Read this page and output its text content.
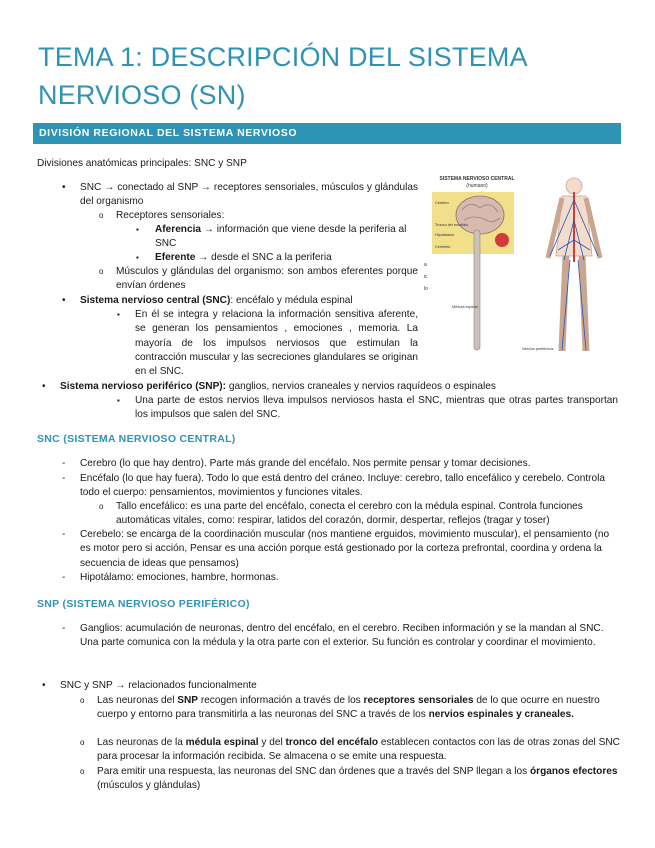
TEMA 1: DESCRIPCIÓN DEL SISTEMA NERVIOSO (SN)
DIVISIÓN REGIONAL DEL SISTEMA NERVIOSO

Divisiones anatómicas principales: SNC y SNP

• SNC → conectado al SNP → receptores sensoriales, músculos y glándulas del organismo

o Receptores sensoriales:

▪ Aferencia → información que viene desde la periferia al SNC

▪ Eferente → desde el SNC a la periferia

o Músculos y glándulas del organismo: son ambos eferentes porque envían órdenes

• Sistema nervioso central (SNC): encéfalo y médula espinal

▪ En él se integra y relaciona la información sensitiva aferente, se generan los pensamientos , emociones , memoria. La mayoría de los impulsos nerviosos que estimulan la contracción muscular y las secreciones glandulares se originan en el SNC.

• Sistema nervioso periférico (SNP): ganglios, nervios craneales y nervios raquídeos o espinales

▪ Una parte de estos nervios lleva impulsos nerviosos hasta el SNC, mientras que otras partes transportan los impulsos que salen del SNC.

SISTEMA NERVIOSO CENTRAL
(humano)
Cerebro
Tronco del encéfalo
Hipotálamo
Cerebelo
a
ic
lo
Médula espinal
Nervios periféricos
SNC (SISTEMA NERVIOSO CENTRAL)
- Cerebro (lo que hay dentro). Parte más grande del encéfalo. Nos permite pensar y tomar decisiones.

- Encéfalo (lo que hay fuera). Todo lo que está dentro del cráneo. Incluye: cerebro, tallo encefálico y cerebelo. Controla todo el cuerpo: pensamientos, movimientos y funciones vitales.

o Tallo encefálico: es una parte del encéfalo, conecta el cerebro con la médula espinal. Controla funciones automáticas vitales, como: respirar, latidos del corazón, dormir, despertar, reflejos (tragar y toser)

- Cerebelo: se encarga de la coordinación muscular (nos mantiene erguidos, movimiento muscular), el pensamiento (no es motor pero si acción, Pensar es una acción porque está gestionado por la corteza prefrontal, coordina y ordena la secuencia de ideas que pensamos)

- Hipotálamo: emociones, hambre, hormonas.

SNP (SISTEMA NERVIOSO PERIFÉRICO)
- Ganglios: acumulación de neuronas, dentro del encéfalo, en el cerebro. Reciben información y se la mandan al SNC. Una parte comunica con la médula y la otra parte con el exterior. Su función es controlar y coordinar el movimiento.

• SNC y SNP → relacionados funcionalmente

o Las neuronas del SNP recogen información a través de los receptores sensoriales de lo que ocurre en nuestro cuerpo y entorno para transmitirla a las neuronas del SNC a través de los nervios espinales y craneales.

o Las neuronas de la médula espinal y del tronco del encéfalo establecen contactos con las de otras zonas del SNC para procesar la información recibida. Se almacena o se emite una respuesta.

o Para emitir una respuesta, las neuronas del SNC dan órdenes que a través del SNP llegan a los órganos efectores (músculos y glándulas)
